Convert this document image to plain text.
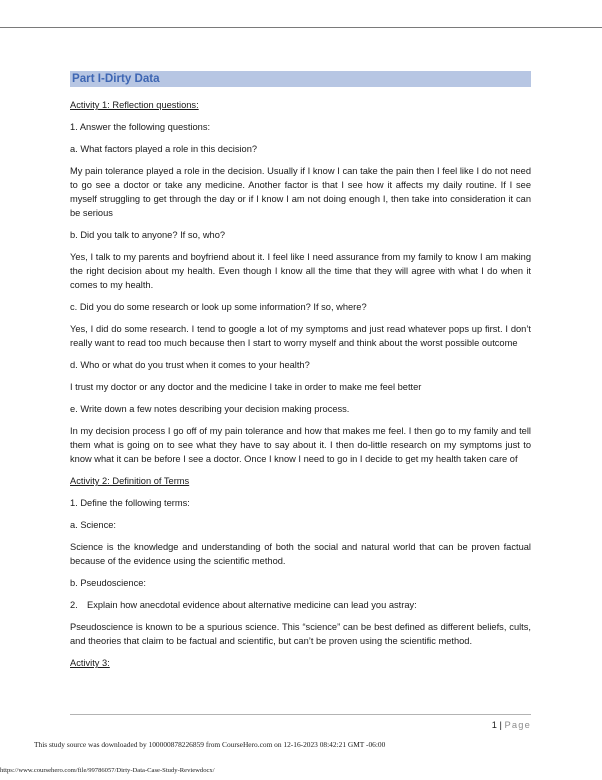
Part I-Dirty Data

Activity 1: Reflection questions:

1. Answer the following questions:

a. What factors played a role in this decision?

My pain tolerance played a role in the decision. Usually if I know I can take the pain then I feel like I do not need to go see a doctor or take any medicine. Another factor is that I see how it affects my daily routine. If I see myself struggling to get through the day or if I know I am not doing enough I, then take into consideration it can be serious

b. Did you talk to anyone? If so, who?

Yes, I talk to my parents and boyfriend about it. I feel like I need assurance from my family to know I am making the right decision about my health. Even though I know all the time that they will agree with what I do when it comes to my health.

c. Did you do some research or look up some information? If so, where?

Yes, I did do some research. I tend to google a lot of my symptoms and just read whatever pops up first. I don’t really want to read too much because then I start to worry myself and think about the worst possible outcome

d. Who or what do you trust when it comes to your health?

I trust my doctor or any doctor and the medicine I take in order to make me feel better

e. Write down a few notes describing your decision making process.

In my decision process I go off of my pain tolerance and how that makes me feel. I then go to my family and tell them what is going on to see what they have to say about it. I then do-little research on my symptoms just to know what it can be before I see a doctor. Once I know I need to go in I decide to get my health taken care of

Activity 2: Definition of Terms

1. Define the following terms:

a. Science:

Science is the knowledge and understanding of both the social and natural world that can be proven factual because of the evidence using the scientific method.

b. Pseudoscience:

2. Explain how anecdotal evidence about alternative medicine can lead you astray:

Pseudoscience is known to be a spurious science. This “science” can be best defined as different beliefs, cults, and theories that claim to be factual and scientific, but can’t be proven using the scientific method.

Activity 3:

1 | Page
This study source was downloaded by 100000878226859 from CourseHero.com on 12-16-2023 08:42:21 GMT -06:00
https://www.coursehero.com/file/99786057/Dirty-Data-Case-Study-Reviewdocx/
